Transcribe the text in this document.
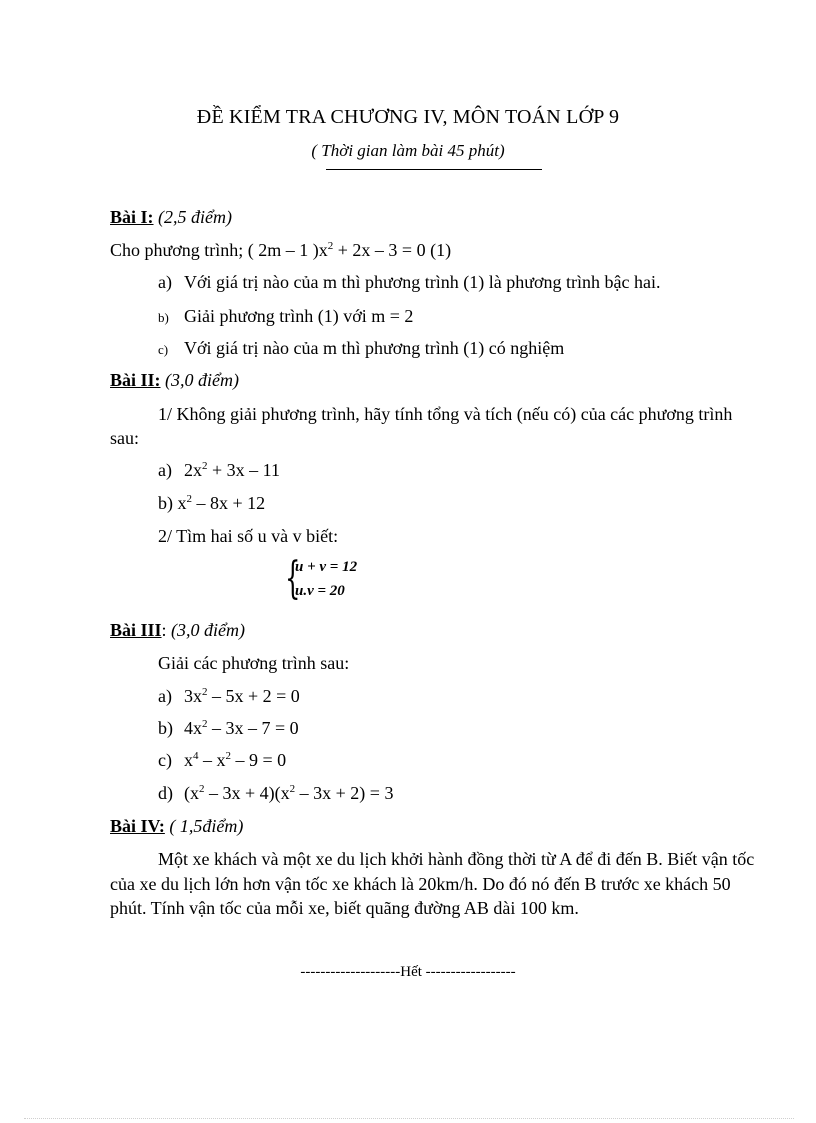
ĐỀ KIỂM TRA CHƯƠNG IV, MÔN TOÁN LỚP 9
( Thời gian làm bài 45 phút)
Bài I: (2,5 điểm)
Cho phương trình; ( 2m – 1 )$x^2 + 2x - 3 = 0$ (1)
a) Với giá trị nào của m thì phương trình (1) là phương trình bậc hai.
b) Giải phương trình (1) với m = 2
c) Với giá trị nào của m thì phương trình (1) có nghiệm
Bài II: (3,0 điểm)
1/ Không giải phương trình, hãy tính tổng và tích (nếu có) của các phương trình
sau:
a) $2x^2 + 3x - 11$
b) $x^2 - 8x + 12$
2/ Tìm hai số u và v biết:
{
u + v = 12
u.v = 20
Bài III: (3,0 điểm)
Giải các phương trình sau:
a) $3x^2 - 5x + 2 = 0$
b) $4x^2 - 3x - 7 = 0$
c) $x^4 - x^2 - 9 = 0$
d) $(x^2 - 3x + 4)(x^2 - 3x + 2) = 3$
Bài IV: ( 1,5điểm)
Một xe khách và một xe du lịch khởi hành đồng thời từ A để đi đến B. Biết vận tốc
của xe du lịch lớn hơn vận tốc xe khách là 20km/h. Do đó nó đến B trước xe khách 50
phút. Tính vận tốc của mỗi xe, biết quãng đường AB dài 100 km.
--------------------Hết ------------------
